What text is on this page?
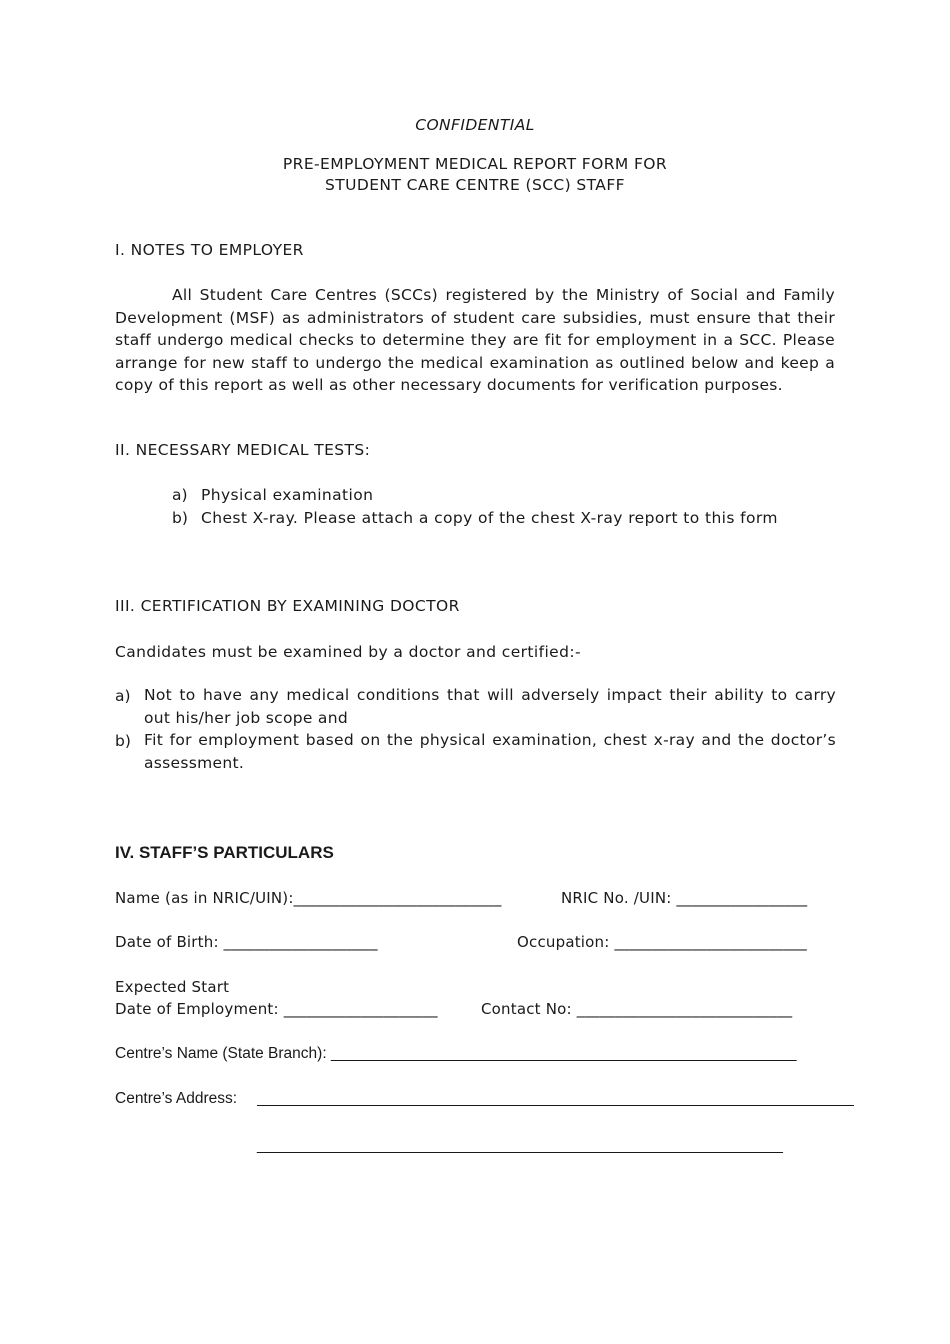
CONFIDENTIAL
PRE-EMPLOYMENT MEDICAL REPORT FORM FOR
STUDENT CARE CENTRE (SCC) STAFF
I. NOTES TO EMPLOYER
All Student Care Centres (SCCs) registered by the Ministry of Social and Family Development (MSF) as administrators of student care subsidies, must ensure that their staff undergo medical checks to determine they are fit for employment in a SCC. Please arrange for new staff to undergo the medical examination as outlined below and keep a copy of this report as well as other necessary documents for verification purposes.
II. NECESSARY MEDICAL TESTS:
a) Physical examination
b) Chest X-ray. Please attach a copy of the chest X-ray report to this form
III. CERTIFICATION BY EXAMINING DOCTOR
Candidates must be examined by a doctor and certified:-
a) Not to have any medical conditions that will adversely impact their ability to carry out his/her job scope and
b) Fit for employment based on the physical examination, chest x-ray and the doctor’s assessment.
IV. STAFF’S PARTICULARS
Name (as in NRIC/UIN):___________________________	NRIC No. /UIN: _________________
Date of Birth: ____________________	Occupation: _________________________
Expected Start
Date of Employment: ____________________	Contact No: ____________________________
Centre’s Name (State Branch): ______________________________________________________
Centre’s Address:
_____________________________________________________________
